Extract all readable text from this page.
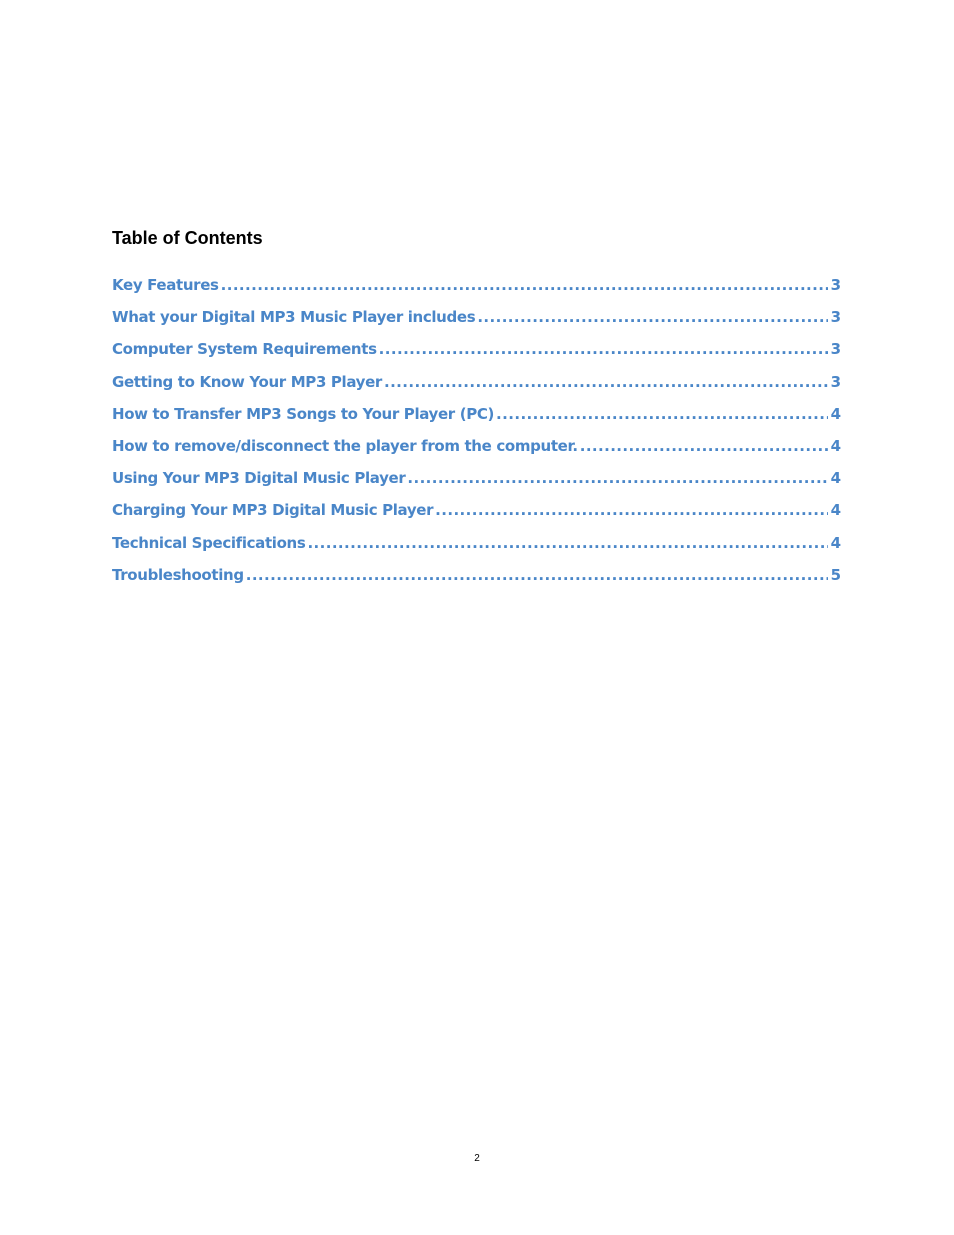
Table of Contents
Key Features .....	3
What your Digital MP3 Music Player includes .....	3
Computer System Requirements .....	3
Getting to Know Your MP3 Player .....	3
How to Transfer MP3 Songs to Your Player (PC) .....	4
How to remove/disconnect the player from the computer. .....	4
Using Your MP3 Digital Music Player .....	4
Charging Your MP3 Digital Music Player .....	4
Technical Specifications .....	4
Troubleshooting .....	5
2
